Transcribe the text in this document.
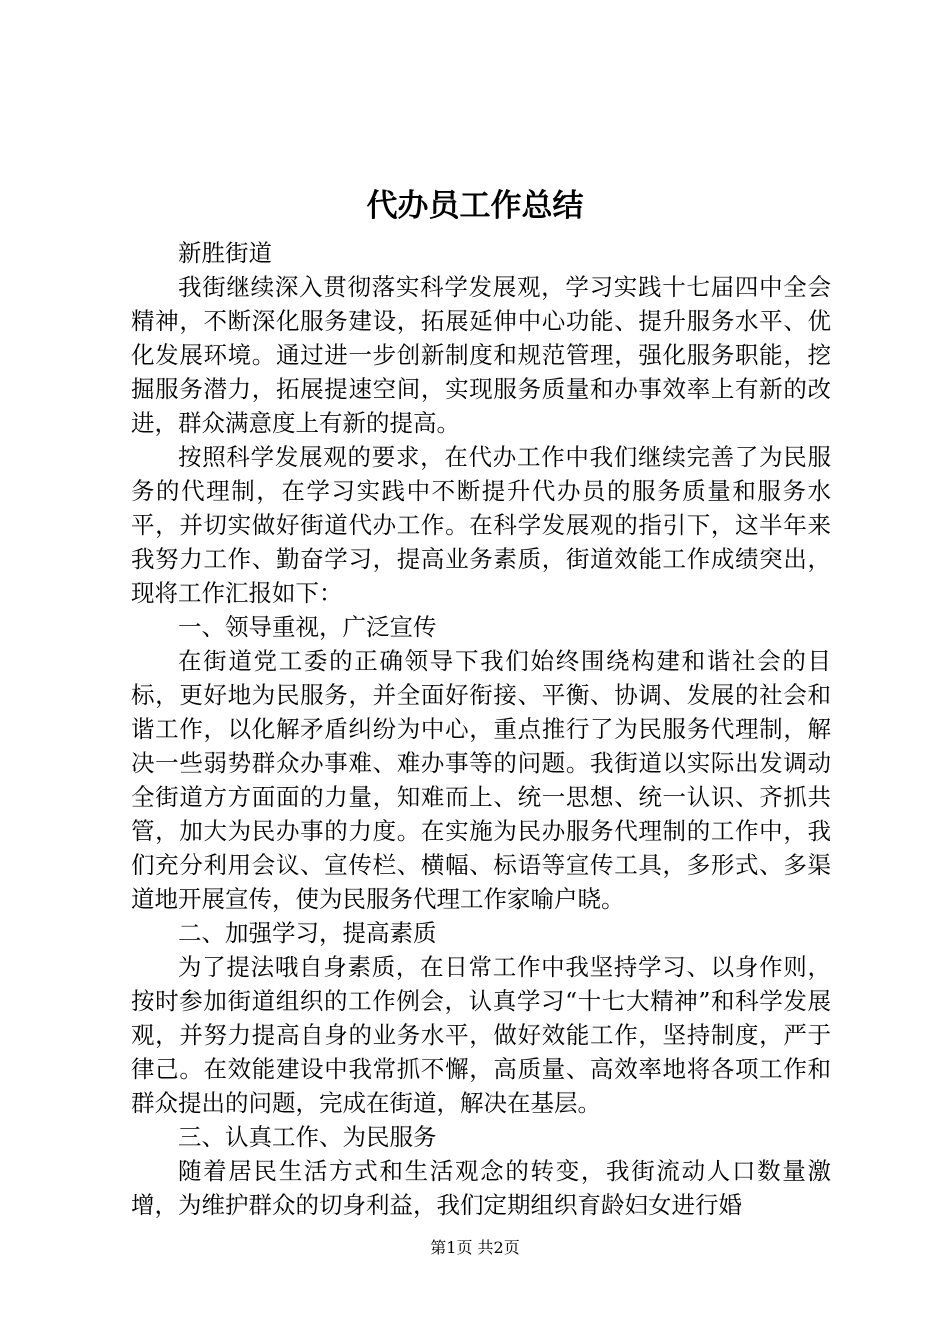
代办员工作总结

新胜街道

我街继续深入贯彻落实科学发展观，学习实践十七届四中全会精神，不断深化服务建设，拓展延伸中心功能、提升服务水平、优化发展环境。通过进一步创新制度和规范管理，强化服务职能，挖掘服务潜力，拓展提速空间，实现服务质量和办事效率上有新的改进，群众满意度上有新的提高。

按照科学发展观的要求，在代办工作中我们继续完善了为民服务的代理制，在学习实践中不断提升代办员的服务质量和服务水平，并切实做好街道代办工作。在科学发展观的指引下，这半年来我努力工作、勤奋学习，提高业务素质，街道效能工作成绩突出，现将工作汇报如下：

一、领导重视，广泛宣传

在街道党工委的正确领导下我们始终围绕构建和谐社会的目标，更好地为民服务，并全面好衔接、平衡、协调、发展的社会和谐工作，以化解矛盾纠纷为中心，重点推行了为民服务代理制，解决一些弱势群众办事难、难办事等的问题。我街道以实际出发调动全街道方方面面的力量，知难而上、统一思想、统一认识、齐抓共管，加大为民办事的力度。在实施为民办服务代理制的工作中，我们充分利用会议、宣传栏、横幅、标语等宣传工具，多形式、多渠道地开展宣传，使为民服务代理工作家喻户晓。

二、加强学习，提高素质

为了提法哦自身素质，在日常工作中我坚持学习、以身作则，按时参加街道组织的工作例会，认真学习“十七大精神”和科学发展观，并努力提高自身的业务水平，做好效能工作，坚持制度，严于律己。在效能建设中我常抓不懈，高质量、高效率地将各项工作和群众提出的问题，完成在街道，解决在基层。

三、认真工作、为民服务

随着居民生活方式和生活观念的转变，我街流动人口数量激增，为维护群众的切身利益，我们定期组织育龄妇女进行婚

第1页 共2页
